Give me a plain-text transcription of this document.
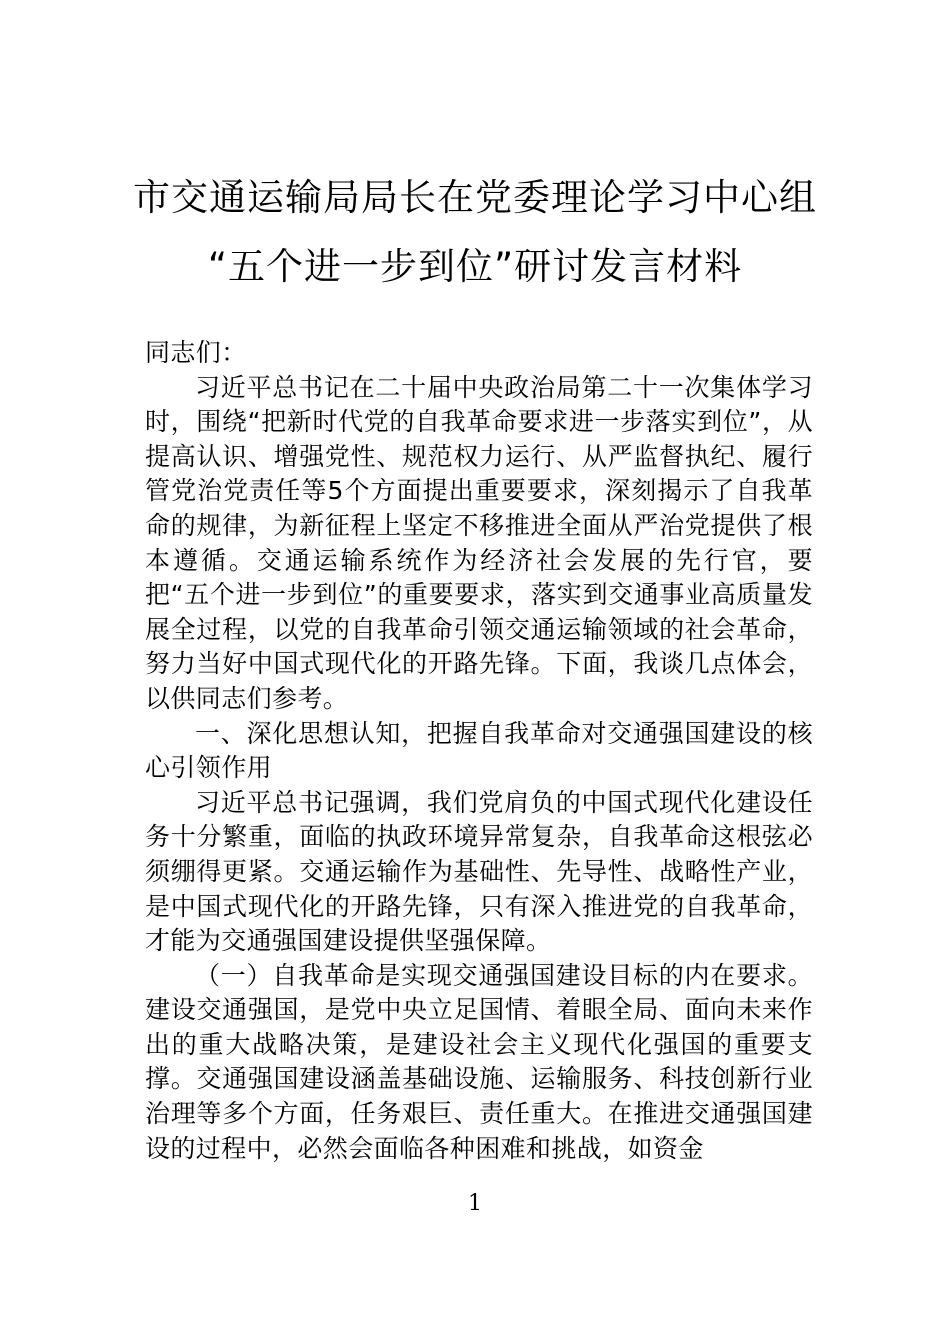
市交通运输局局长在党委理论学习中心组
“五个进一步到位”研讨发言材料

同志们：

习近平总书记在二十届中央政治局第二十一次集体学习时，围绕“把新时代党的自我革命要求进一步落实到位”，从提高认识、增强党性、规范权力运行、从严监督执纪、履行管党治党责任等5个方面提出重要要求，深刻揭示了自我革命的规律，为新征程上坚定不移推进全面从严治党提供了根本遵循。交通运输系统作为经济社会发展的先行官，要把“五个进一步到位”的重要要求，落实到交通事业高质量发展全过程，以党的自我革命引领交通运输领域的社会革命，努力当好中国式现代化的开路先锋。下面，我谈几点体会，以供同志们参考。

一、深化思想认知，把握自我革命对交通强国建设的核心引领作用

习近平总书记强调，我们党肩负的中国式现代化建设任务十分繁重，面临的执政环境异常复杂，自我革命这根弦必须绷得更紧。交通运输作为基础性、先导性、战略性产业，是中国式现代化的开路先锋，只有深入推进党的自我革命，才能为交通强国建设提供坚强保障。

（一）自我革命是实现交通强国建设目标的内在要求。建设交通强国，是党中央立足国情、着眼全局、面向未来作出的重大战略决策，是建设社会主义现代化强国的重要支撑。交通强国建设涵盖基础设施、运输服务、科技创新行业治理等多个方面，任务艰巨、责任重大。在推进交通强国建设的过程中，必然会面临各种困难和挑战，如资金

1
